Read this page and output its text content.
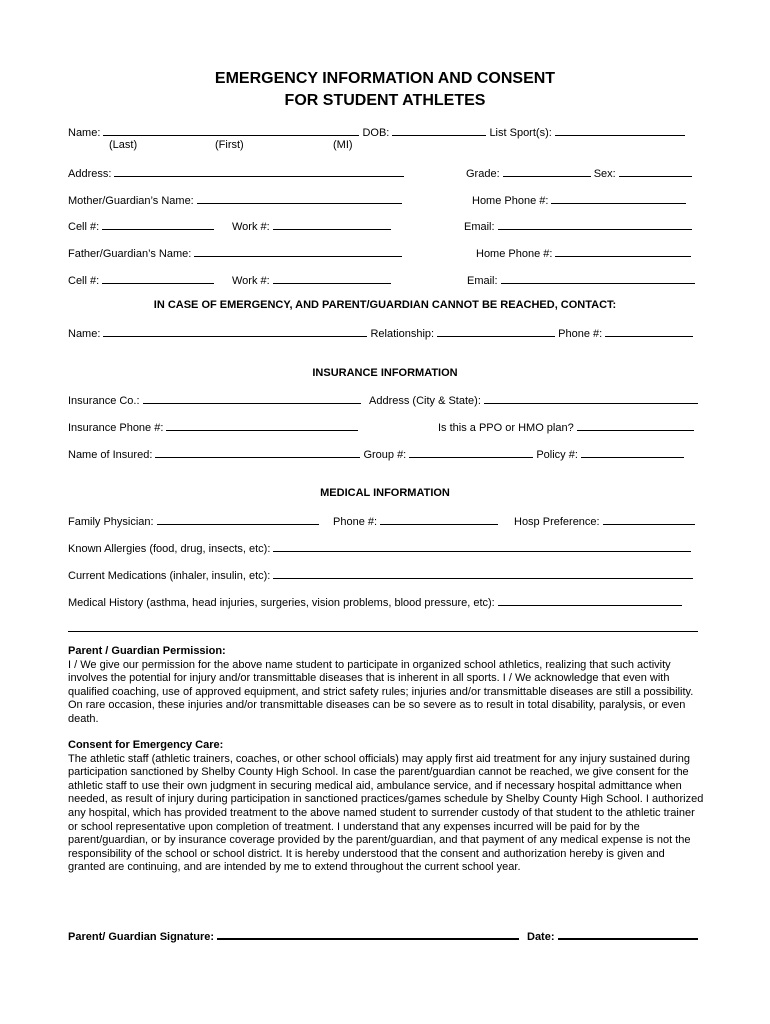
EMERGENCY INFORMATION AND CONSENT
FOR STUDENT ATHLETES
Name:	DOB:	List Sport(s):
(Last)	(First)	(MI)
Address:	Grade:	Sex:
Mother/Guardian’s Name:	Home Phone #:
Cell #:	Work #:	Email:
Father/Guardian’s Name:	Home Phone #:
Cell #:	Work #:	Email:
IN CASE OF EMERGENCY, AND PARENT/GUARDIAN CANNOT BE REACHED, CONTACT:
Name:	Relationship:	Phone #:
INSURANCE INFORMATION
Insurance Co.:	Address (City & State):
Insurance Phone #:	Is this a PPO or HMO plan?
Name of Insured:	Group #:	Policy #:
MEDICAL INFORMATION
Family Physician:	Phone #:	Hosp Preference:
Known Allergies (food, drug, insects, etc):
Current Medications (inhaler, insulin, etc):
Medical History (asthma, head injuries, surgeries, vision problems, blood pressure, etc):
Parent / Guardian Permission:
I / We give our permission for the above name student to participate in organized school athletics, realizing that such activity involves the potential for injury and/or transmittable diseases that is inherent in all sports. I / We acknowledge that even with qualified coaching, use of approved equipment, and strict safety rules; injuries and/or transmittable diseases are still a possibility. On rare occasion, these injuries and/or transmittable diseases can be so severe as to result in total disability, paralysis, or even death.
Consent for Emergency Care:
The athletic staff (athletic trainers, coaches, or other school officials) may apply first aid treatment for any injury sustained during participation sanctioned by Shelby County High School. In case the parent/guardian cannot be reached, we give consent for the athletic staff to use their own judgment in securing medical aid, ambulance service, and if necessary hospital admittance when needed, as result of injury during participation in sanctioned practices/games schedule by Shelby County High School. I authorized any hospital, which has provided treatment to the above named student to surrender custody of that student to the athletic trainer or school representative upon completion of treatment. I understand that any expenses incurred will be paid for by the parent/guardian, or by insurance coverage provided by the parent/guardian, and that payment of any medical expense is not the responsibility of the school or school district. It is hereby understood that the consent and authorization hereby is given and granted are continuing, and are intended by me to extend throughout the current school year.
Parent/ Guardian Signature:	Date:
